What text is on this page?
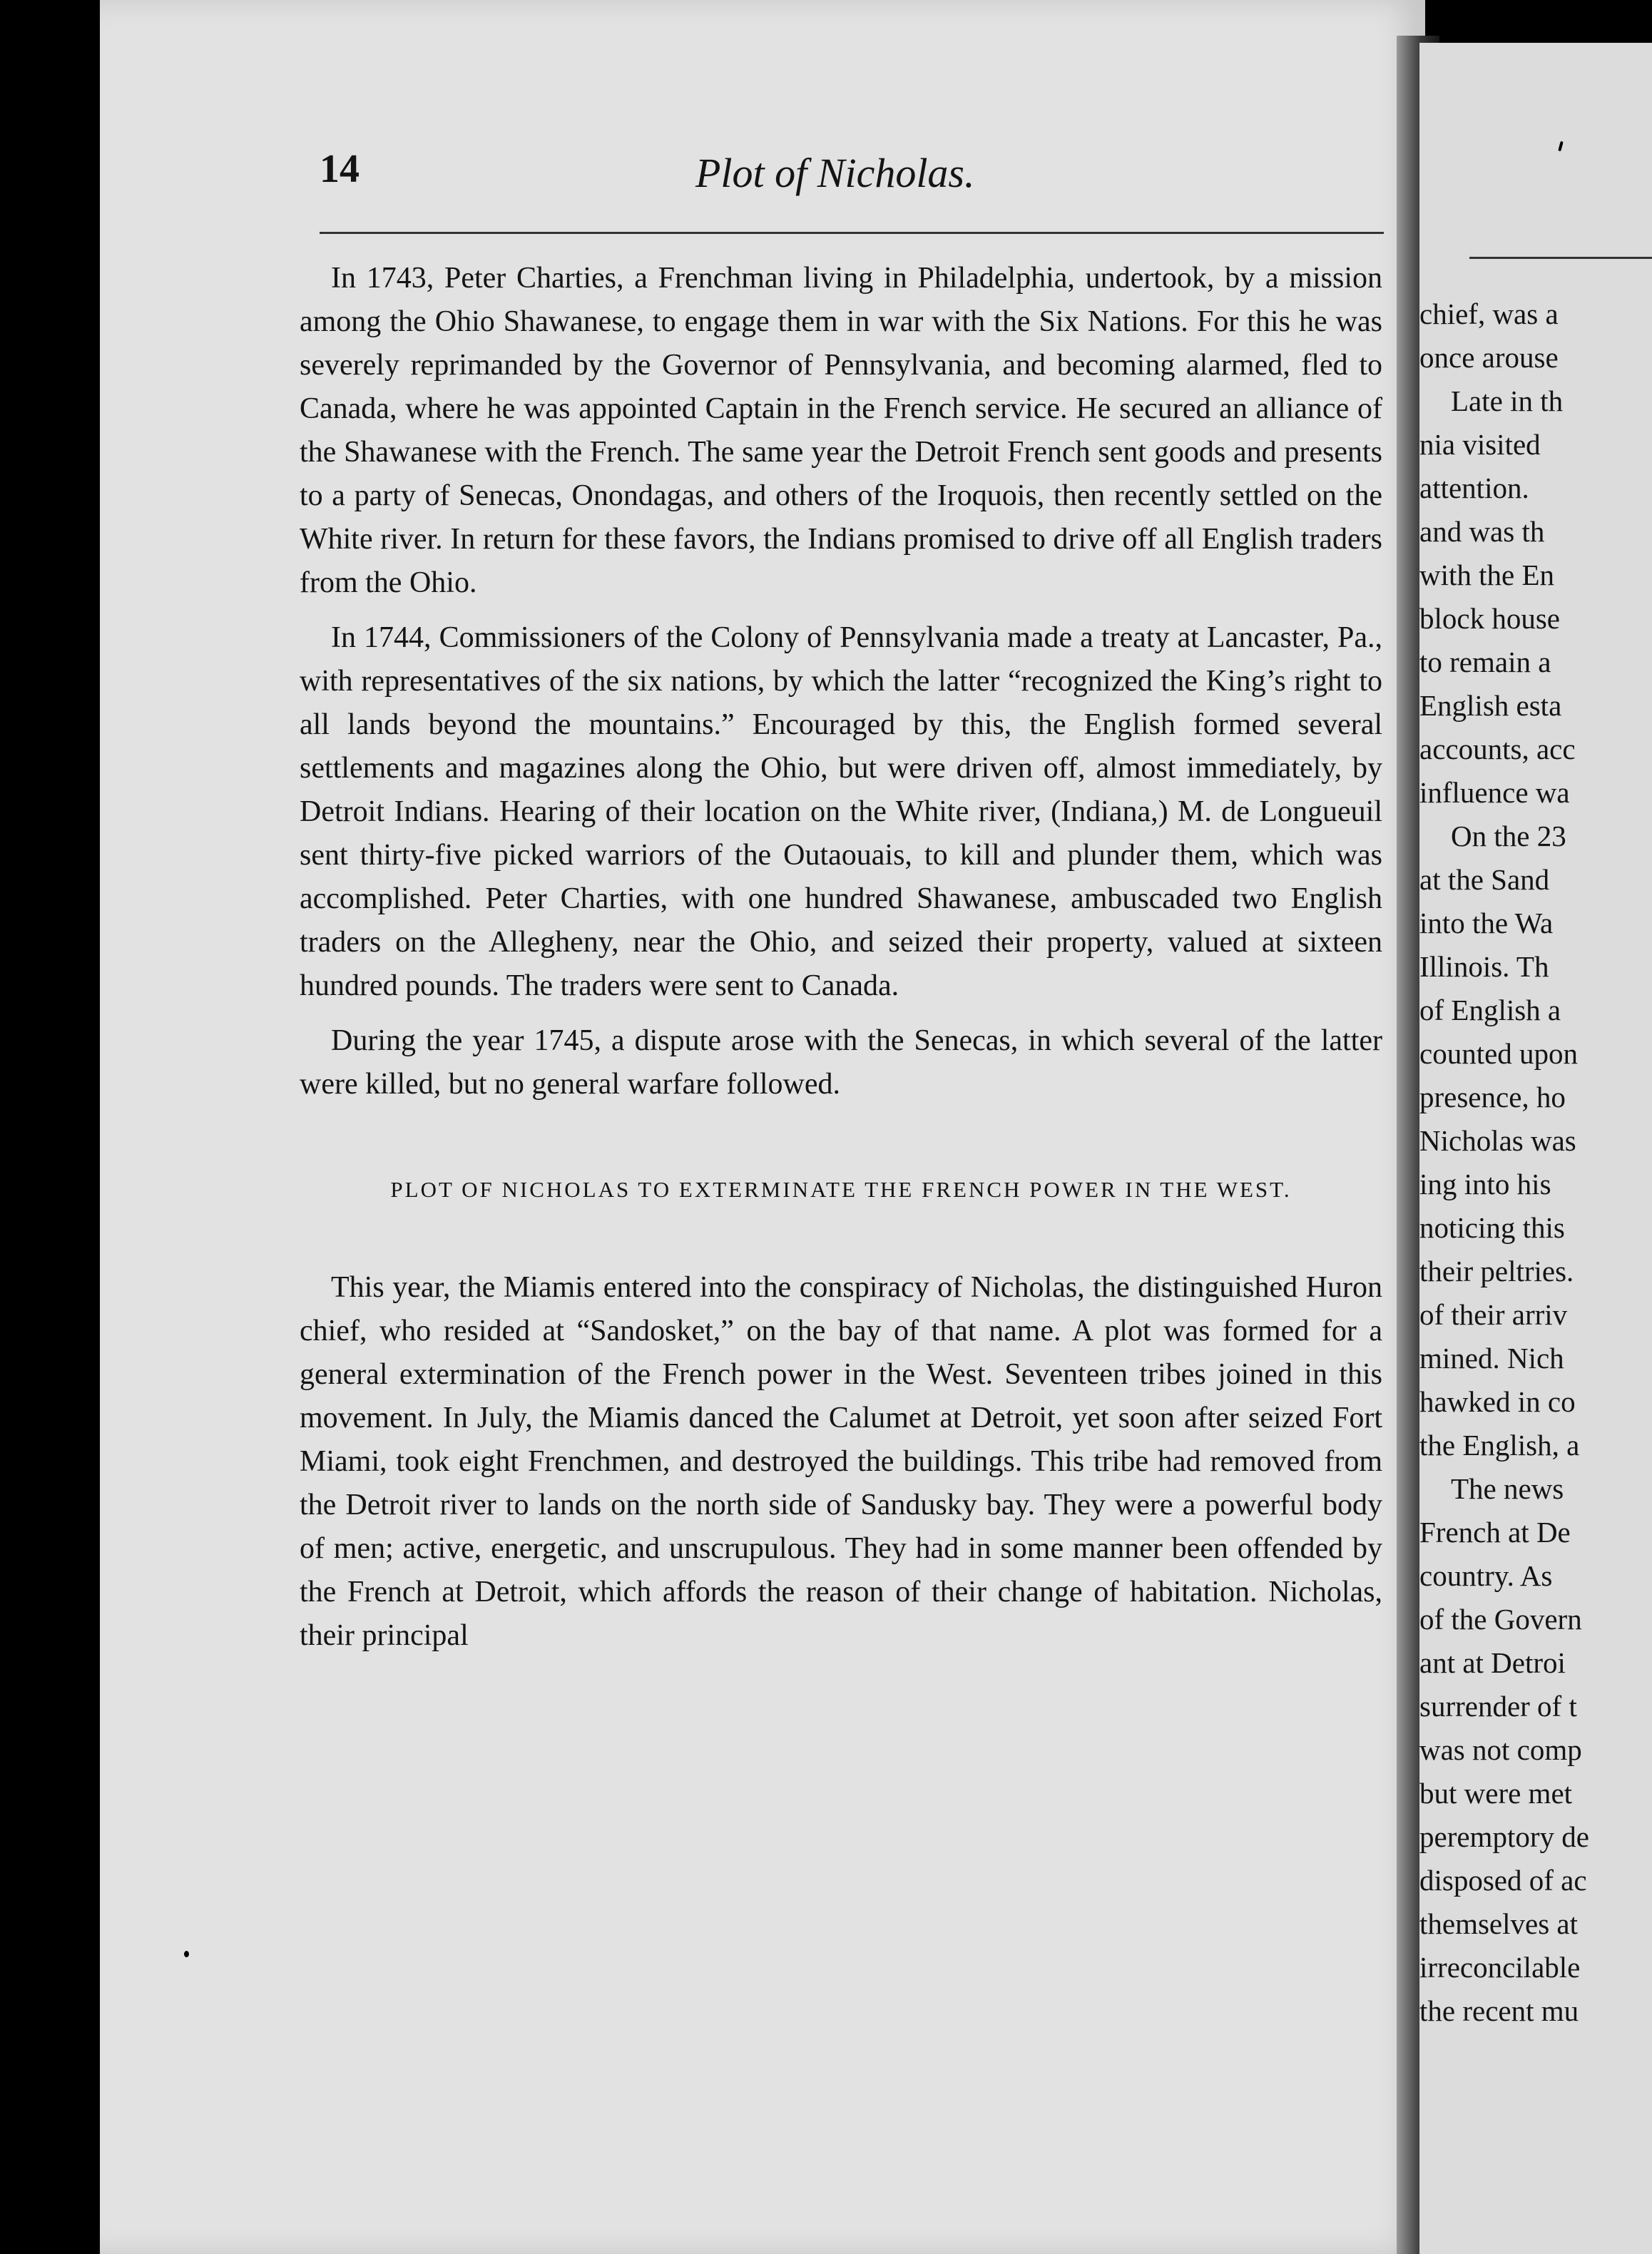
14	Plot of Nicholas.

In 1743, Peter Charties, a Frenchman living in Philadelphia, undertook, by a mission among the Ohio Shawanese, to engage them in war with the Six Nations. For this he was severely reprimanded by the Governor of Pennsylvania, and becoming alarmed, fled to Canada, where he was appointed Captain in the French service. He secured an alliance of the Shawanese with the French. The same year the Detroit French sent goods and presents to a party of Senecas, Onondagas, and others of the Iroquois, then recently settled on the White river. In return for these favors, the Indians promised to drive off all English traders from the Ohio.

In 1744, Commissioners of the Colony of Pennsylvania made a treaty at Lancaster, Pa., with representatives of the six nations, by which the latter “recognized the King’s right to all lands beyond the mountains.” Encouraged by this, the English formed several settlements and magazines along the Ohio, but were driven off, almost immediately, by Detroit Indians. Hearing of their location on the White river, (Indiana,) M. de Longueuil sent thirty-five picked warriors of the Outaouais, to kill and plunder them, which was accomplished. Peter Charties, with one hundred Shawanese, ambuscaded two English traders on the Allegheny, near the Ohio, and seized their property, valued at sixteen hundred pounds. The traders were sent to Canada.

During the year 1745, a dispute arose with the Senecas, in which several of the latter were killed, but no general warfare followed.

PLOT OF NICHOLAS TO EXTERMINATE THE FRENCH POWER IN THE WEST.

This year, the Miamis entered into the conspiracy of Nicholas, the distinguished Huron chief, who resided at “Sandosket,” on the bay of that name. A plot was formed for a general extermination of the French power in the West. Seventeen tribes joined in this movement. In July, the Miamis danced the Calumet at Detroit, yet soon after seized Fort Miami, took eight Frenchmen, and destroyed the buildings. This tribe had removed from the Detroit river to lands on the north side of Sandusky bay. They were a powerful body of men; active, energetic, and unscrupulous. They had in some manner been offended by the French at Detroit, which affords the reason of their change of habitation. Nicholas, their principal

chief, was a
once arouse
Late in th
nia visited
attention.
and was th
with the En
block house
to remain a
English esta
accounts, acc
influence wa
On the 23
at the Sand
into the Wa
Illinois. Th
of English a
counted upon
presence, ho
Nicholas was
ing into his
noticing this
their peltries.
of their arriv
mined. Nich
hawked in co
the English, a
The news
French at De
country. As
of the Govern
ant at Detroi
surrender of t
was not comp
but were met
peremptory de
disposed of ac
themselves at
irreconcilable
the recent mu
